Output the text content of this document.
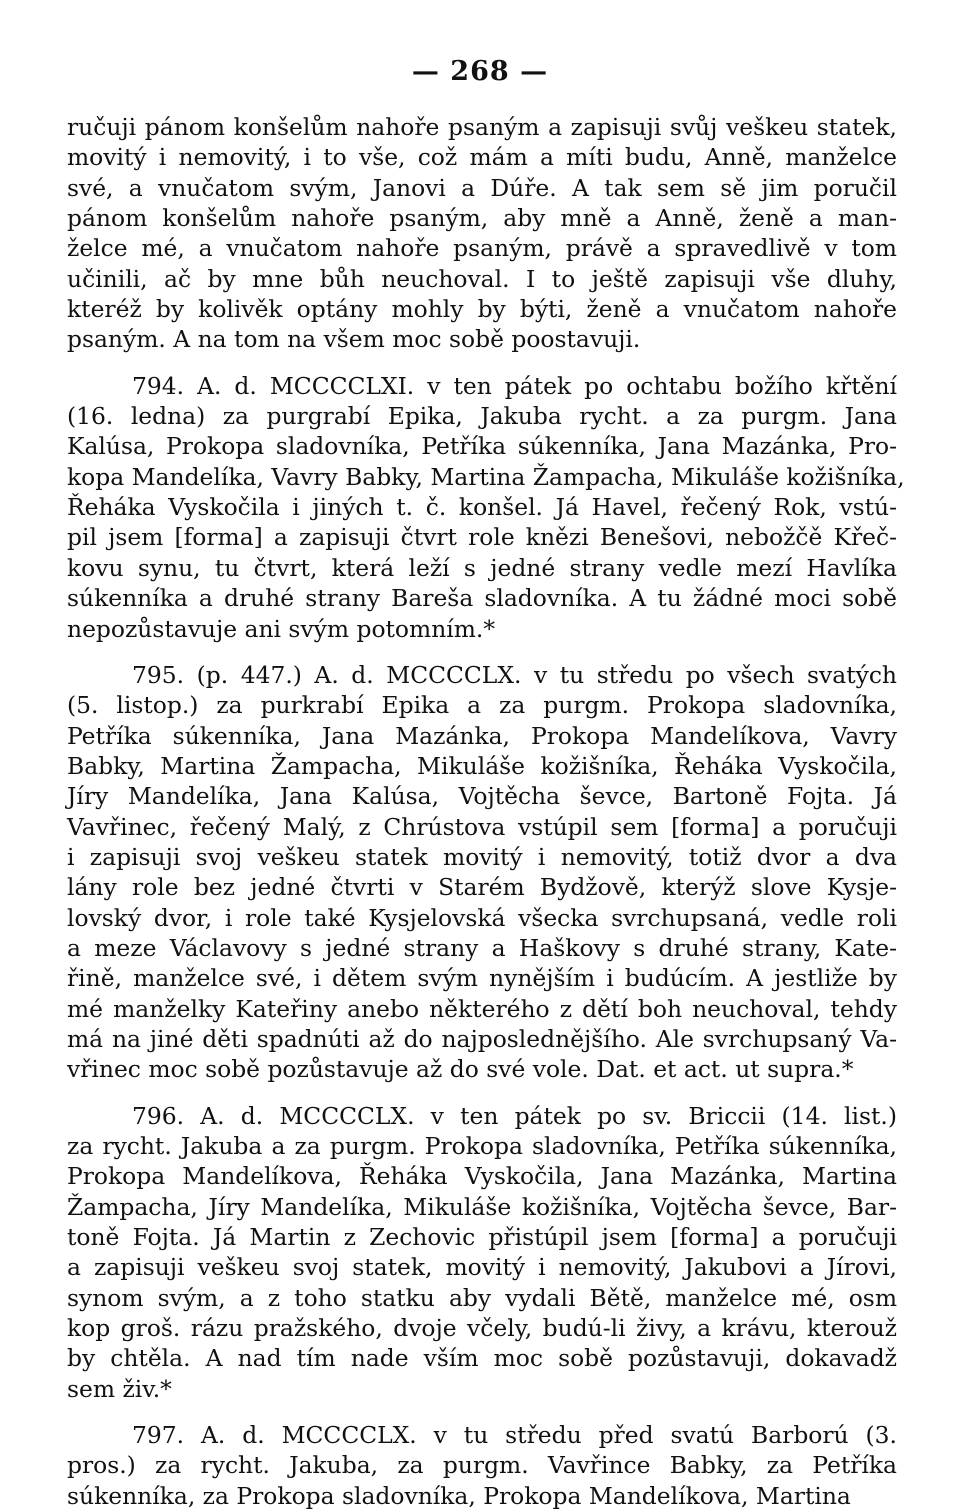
— 268 —
ručuji pánom konšelům nahoře psaným a zapisuji svůj veškeu statek,
movitý i nemovitý, i to vše, což mám a míti budu, Anně, manželce
své, a vnučatom svým, Janovi a Dúře. A tak sem sě jim poručil
pánom konšelům nahoře psaným, aby mně a Anně, ženě a man-
želce mé, a vnučatom nahoře psaným, právě a spravedlivě v tom
učinili, ač by mne bůh neuchoval. I to ještě zapisuji vše dluhy,
kteréž by kolivěk optány mohly by býti, ženě a vnučatom nahoře
psaným. A na tom na všem moc sobě poostavuji.
794. A. d. MCCCCLXI. v ten pátek po ochtabu božího křtění
(16. ledna) za purgrabí Epika, Jakuba rycht. a za purgm. Jana
Kalúsa, Prokopa sladovníka, Petříka súkenníka, Jana Mazánka, Pro-
kopa Mandelíka, Vavry Babky, Martina Žampacha, Mikuláše kožišníka,
Řeháka Vyskočila i jiných t. č. konšel. Já Havel, řečený Rok, vstú-
pil jsem [forma] a zapisuji čtvrt role knězi Benešovi, nebožčě Křeč-
kovu synu, tu čtvrt, která leží s jedné strany vedle mezí Havlíka
súkenníka a druhé strany Bareša sladovníka. A tu žádné moci sobě
nepozůstavuje ani svým potomním.*
795. (p. 447.) A. d. MCCCCLX. v tu středu po všech svatých
(5. listop.) za purkrabí Epika a za purgm. Prokopa sladovníka,
Petříka súkenníka, Jana Mazánka, Prokopa Mandelíkova, Vavry
Babky, Martina Žampacha, Mikuláše kožišníka, Řeháka Vyskočila,
Jíry Mandelíka, Jana Kalúsa, Vojtěcha ševce, Bartoně Fojta. Já
Vavřinec, řečený Malý, z Chrústova vstúpil sem [forma] a poručuji
i zapisuji svoj veškeu statek movitý i nemovitý, totiž dvor a dva
lány role bez jedné čtvrti v Starém Bydžově, kterýž slove Kysje-
lovský dvor, i role také Kysjelovská všecka svrchupsaná, vedle roli
a meze Václavovy s jedné strany a Haškovy s druhé strany, Kate-
řině, manželce své, i dětem svým nynějším i budúcím. A jestliže by
mé manželky Kateřiny anebo některého z dětí boh neuchoval, tehdy
má na jiné děti spadnúti až do najposlednějšího. Ale svrchupsaný Va-
vřinec moc sobě pozůstavuje až do své vole. Dat. et act. ut supra.*
796. A. d. MCCCCLX. v ten pátek po sv. Briccii (14. list.)
za rycht. Jakuba a za purgm. Prokopa sladovníka, Petříka súkenníka,
Prokopa Mandelíkova, Řeháka Vyskočila, Jana Mazánka, Martina
Žampacha, Jíry Mandelíka, Mikuláše kožišníka, Vojtěcha ševce, Bar-
toně Fojta. Já Martin z Zechovic přistúpil jsem [forma] a poručuji
a zapisuji veškeu svoj statek, movitý i nemovitý, Jakubovi a Jírovi,
synom svým, a z toho statku aby vydali Bětě, manželce mé, osm
kop groš. rázu pražského, dvoje včely, budú-li živy, a krávu, kterouž
by chtěla. A nad tím nade vším moc sobě pozůstavuji, dokavadž
sem živ.*
797. A. d. MCCCCLX. v tu středu před svatú Barború (3.
pros.) za rycht. Jakuba, za purgm. Vavřince Babky, za Petříka
súkenníka, za Prokopa sladovníka, Prokopa Mandelíkova, Martina
